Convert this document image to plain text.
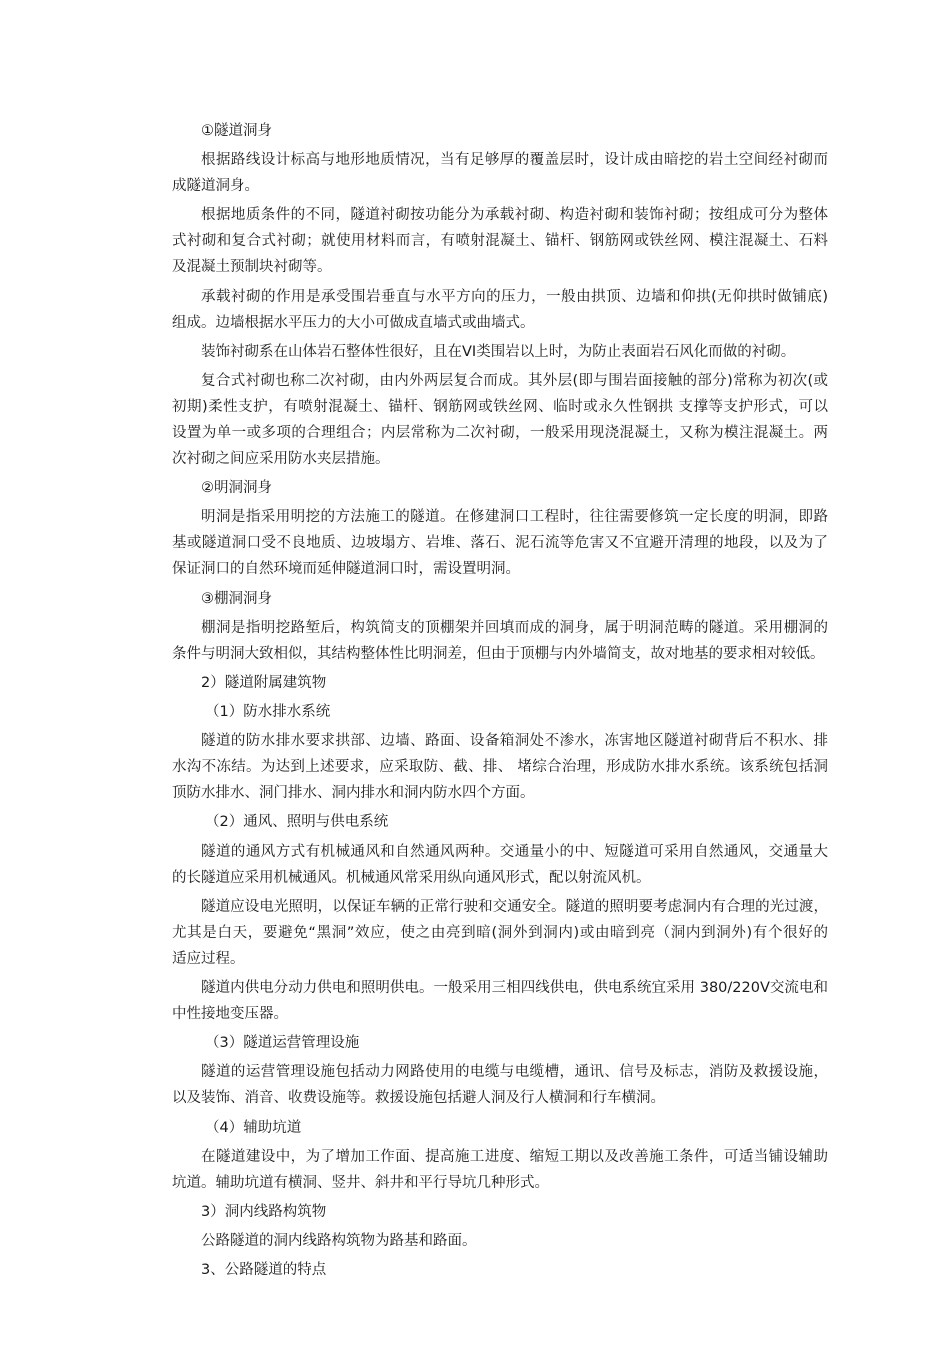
①隧道洞身
根据路线设计标高与地形地质情况，当有足够厚的覆盖层时，设计成由暗挖的岩土空间经衬砌而
成隧道洞身。
根据地质条件的不同，隧道衬砌按功能分为承载衬砌、构造衬砌和装饰衬砌；按组成可分为整体
式衬砌和复合式衬砌；就使用材料而言，有喷射混凝土、锚杆、钢筋网或铁丝网、模注混凝土、石料
及混凝土预制块衬砌等。
承载衬砌的作用是承受围岩垂直与水平方向的压力，一般由拱顶、边墙和仰拱(无仰拱时做铺底)
组成。边墙根据水平压力的大小可做成直墙式或曲墙式。
装饰衬砌系在山体岩石整体性很好，且在VI类围岩以上时，为防止表面岩石风化而做的衬砌。
复合式衬砌也称二次衬砌，由内外两层复合而成。其外层(即与围岩面接触的部分)常称为初次(或
初期)柔性支护，有喷射混凝土、锚杆、钢筋网或铁丝网、临时或永久性钢拱 支撑等支护形式，可以
设置为单一或多项的合理组合；内层常称为二次衬砌，一般采用现浇混凝土，又称为模注混凝土。两
次衬砌之间应采用防水夹层措施。
②明洞洞身
明洞是指采用明挖的方法施工的隧道。在修建洞口工程时，往往需要修筑一定长度的明洞，即路
基或隧道洞口受不良地质、边坡塌方、岩堆、落石、泥石流等危害又不宜避开清理的地段，以及为了
保证洞口的自然环境而延伸隧道洞口时，需设置明洞。
③棚洞洞身
棚洞是指明挖路堑后，构筑简支的顶棚架并回填而成的洞身，属于明洞范畴的隧道。采用棚洞的
条件与明洞大致相似，其结构整体性比明洞差，但由于顶棚与内外墙简支，故对地基的要求相对较低。
2）隧道附属建筑物
（1）防水排水系统
隧道的防水排水要求拱部、边墙、路面、设备箱洞处不渗水，冻害地区隧道衬砌背后不积水、排
水沟不冻结。为达到上述要求，应采取防、截、排、 堵综合治理，形成防水排水系统。该系统包括洞
顶防水排水、洞门排水、洞内排水和洞内防水四个方面。
（2）通风、照明与供电系统
隧道的通风方式有机械通风和自然通风两种。交通量小的中、短隧道可采用自然通风，交通量大
的长隧道应采用机械通风。机械通风常采用纵向通风形式，配以射流风机。
隧道应设电光照明，以保证车辆的正常行驶和交通安全。隧道的照明要考虑洞内有合理的光过渡，
尤其是白天，要避免“黑洞”效应，使之由亮到暗(洞外到洞内)或由暗到亮（洞内到洞外)有个很好的
适应过程。
隧道内供电分动力供电和照明供电。一般采用三相四线供电，供电系统宜采用 380/220V交流电和
中性接地变压器。
（3）隧道运营管理设施
隧道的运营管理设施包括动力网路使用的电缆与电缆槽，通讯、信号及标志，消防及救援设施，
以及装饰、消音、收费设施等。救援设施包括避人洞及行人横洞和行车横洞。
（4）辅助坑道
在隧道建设中，为了增加工作面、提高施工进度、缩短工期以及改善施工条件，可适当铺设辅助
坑道。辅助坑道有横洞、竖井、斜井和平行导坑几种形式。
3）洞内线路构筑物
公路隧道的洞内线路构筑物为路基和路面。
3、公路隧道的特点
